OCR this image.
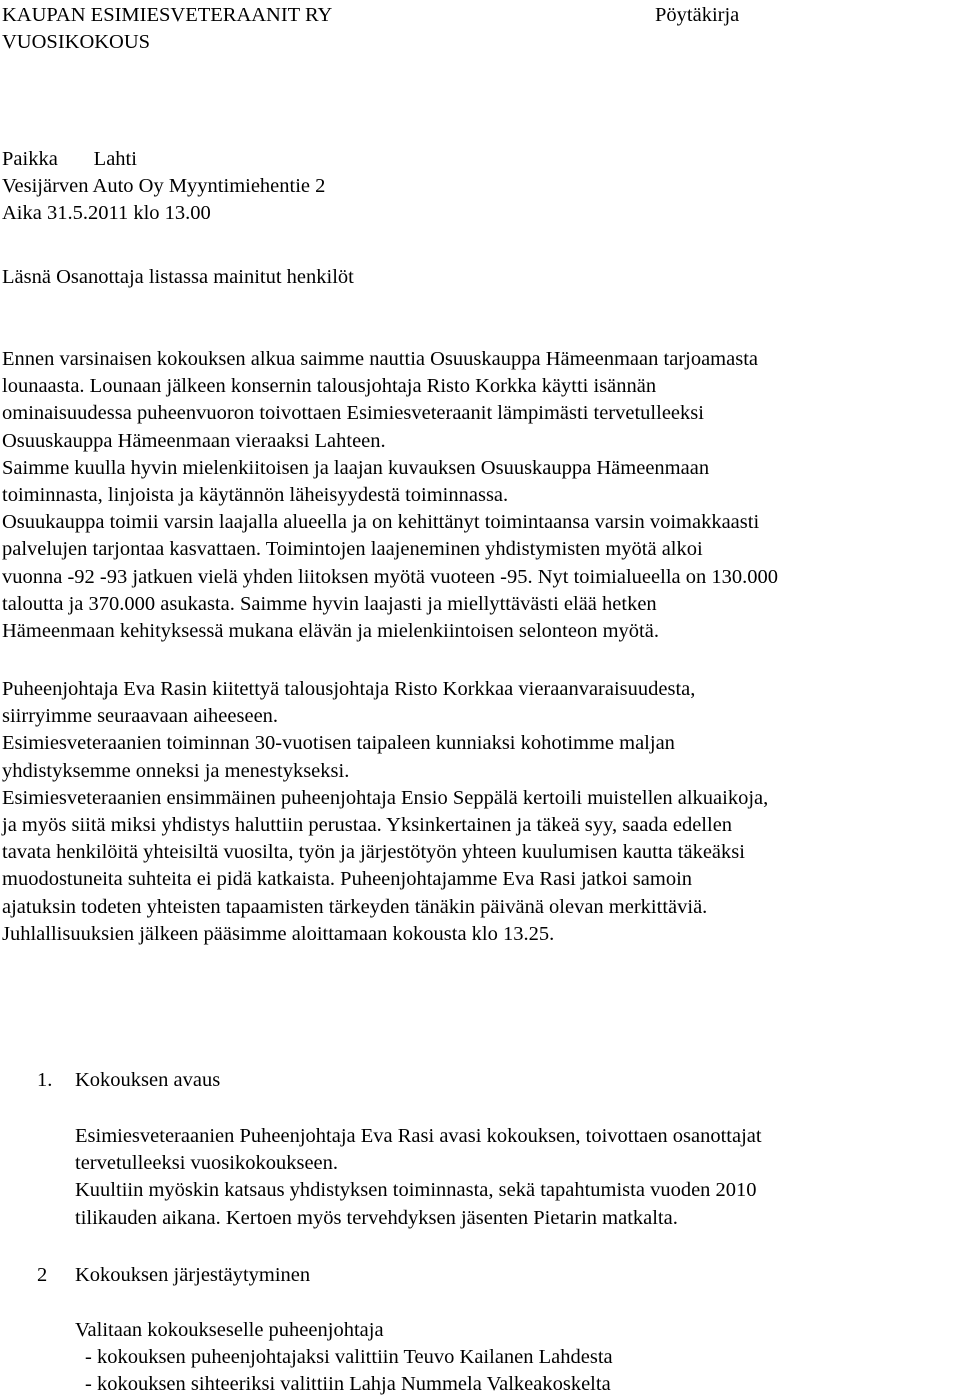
KAUPAN ESIMIESVETERAANIT RY
VUOSIKOKOUS
Pöytäkirja
Paikka       Lahti
Vesijärven Auto Oy Myyntimiehentie 2
Aika 31.5.2011 klo 13.00
Läsnä Osanottaja listassa mainitut henkilöt
Ennen varsinaisen kokouksen alkua saimme nauttia Osuuskauppa Hämeenmaan tarjoamasta
lounaasta. Lounaan jälkeen konsernin talousjohtaja Risto Korkka käytti isännän
ominaisuudessa puheenvuoron toivottaen Esimiesveteraanit lämpimästi tervetulleeksi
Osuuskauppa Hämeenmaan vieraaksi Lahteen.
Saimme kuulla hyvin mielenkiitoisen ja laajan kuvauksen Osuuskauppa Hämeenmaan
toiminnasta, linjoista ja käytännön läheisyydestä toiminnassa.
Osuukauppa toimii varsin laajalla alueella ja on kehittänyt toimintaansa varsin voimakkaasti
palvelujen tarjontaa kasvattaen. Toimintojen laajeneminen yhdistymisten myötä alkoi
vuonna -92 -93 jatkuen vielä yhden liitoksen myötä vuoteen -95. Nyt toimialueella on 130.000
taloutta ja 370.000 asukasta. Saimme hyvin laajasti ja miellyttävästi elää hetken
Hämeenmaan kehityksessä mukana elävän ja mielenkiintoisen selonteon myötä.
Puheenjohtaja Eva Rasin kiitettyä talousjohtaja Risto Korkkaa vieraanvaraisuudesta,
siirryimme seuraavaan aiheeseen.
Esimiesveteraanien toiminnan 30-vuotisen taipaleen kunniaksi kohotimme maljan
yhdistyksemme onneksi ja menestykseksi.
Esimiesveteraanien ensimmäinen puheenjohtaja Ensio Seppälä kertoili muistellen alkuaikoja,
ja myös siitä miksi yhdistys haluttiin perustaa. Yksinkertainen ja täkeä syy, saada edellen
tavata henkilöitä yhteisiltä vuosilta, työn ja järjestötyön yhteen kuulumisen kautta täkeäksi
muodostuneita suhteita ei pidä katkaista. Puheenjohtajamme Eva Rasi jatkoi samoin
ajatuksin todeten yhteisten tapaamisten tärkeyden tänäkin päivänä olevan merkittäviä.
Juhlallisuuksien jälkeen pääsimme aloittamaan kokousta klo 13.25.
1. Kokouksen avaus
Esimiesveteraanien Puheenjohtaja Eva Rasi avasi kokouksen, toivottaen osanottajat
tervetulleeksi vuosikokoukseen.
Kuultiin myöskin katsaus yhdistyksen toiminnasta, sekä tapahtumista vuoden 2010
tilikauden aikana. Kertoen myös tervehdyksen jäsenten Pietarin matkalta.
2 Kokouksen järjestäytyminen
Valitaan kokoukseselle puheenjohtaja
- kokouksen puheenjohtajaksi valittiin Teuvo Kailanen Lahdesta
- kokouksen sihteeriksi valittiin Lahja Nummela Valkeakoskelta
